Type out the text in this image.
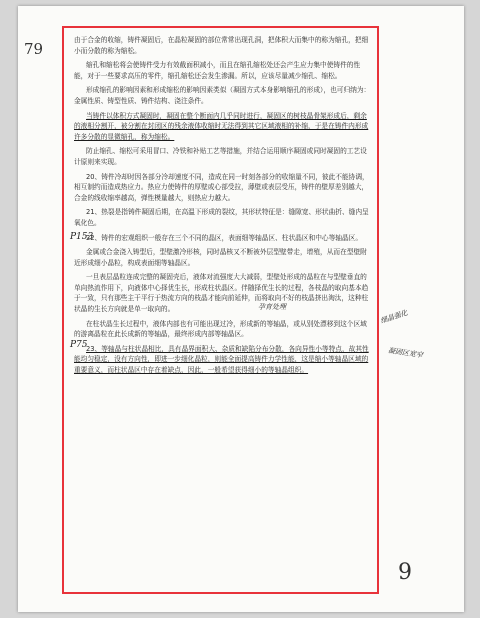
79	由于合金的收缩，铸件凝固后，在晶粒凝固的部位常常出现孔洞，把体积大而集中的称为缩孔，把细小而分散的称为缩松。

缩孔和缩松将会使铸件受力有效截面积减小，而且在缩孔缩松处还会产生应力集中使铸件的性能，对于一些要求高压的零件，缩孔缩松还会发生渗漏。所以，应该尽量减少缩孔、缩松。

形成缩孔的影响因素和形成缩松的影响因素类似（凝固方式本身影响缩孔的形成），也可归纳为：金属性质、铸型性质、铸件结构、浇注条件。

当铸件以体积方式凝固时，凝固在整个断面内几乎同时进行，凝固区的树枝晶骨架形成后，剩余的液相分割开，被分割在封闭区的残余液体收缩时无法得到其它区域液相的补缩，于是在铸件内形成许多分散的显微缩孔，称为缩松。

防止缩孔、缩松可采用冒口、冷铁和补贴工艺等措施，并结合运用顺序凝固或同时凝固的工艺设计原则来实现。

20、铸件冷却时因各部分冷却速度不同，造成在同一时刻各部分的收缩量不同，彼此不能协调，相互制约而造成热应力。热应力使铸件的厚壁或心部受拉，薄壁或表层受压，铸件的壁厚差别越大，合金的线收缩率越高，弹性模量越大，则热应力越大。

21、热裂是指铸件凝固后期，在高温下形成的裂纹，其形状特征是：缝隙宽、形状曲折、缝内呈氧化色。

22、铸件的宏观组织一般存在三个不同的晶区，表面细等轴晶区、柱状晶区和中心等轴晶区。

金属或合金浇入铸型后，型壁激冷形核，同时晶核又不断被外层型壁带走，增殖，从而在型壁附近形成细小晶粒，构成表面细等轴晶区。

一旦表层晶粒连成完整的凝固壳后，液体对流强度大大减弱，型壁处形成的晶粒在与型壁垂直的单向热流作用下，向液体中心择优生长，形成柱状晶区。伴随择优生长的过程，各枝晶的取向基本趋于一致，只有那些主干平行于热流方向的枝晶才能向前延伸，而将取向不好的枝晶挤出淘汰，这种柱状晶的生长方向就是单一取向的。

在柱状晶生长过程中，液体内部也有可能出现过冷，形成新的等轴晶，或从别处漂移到这个区域的游离晶粒在此长成新的等轴晶，最终形成内部等轴晶区。

23、等轴晶与柱状晶相比，具有晶界面积大、杂质和缺陷分布分散，各向异性小等特点，故其性能均匀稳定，没有方向性，即进一步细化晶粒，则能全面提高铸件力学性能，这是缩小等轴晶区域的重要意义，而柱状晶区中存在着缺点，因此，一般希望获得细小的等轴晶组织。

细晶强化
凝固区宽窄
P153
P75
孕育处理
9
